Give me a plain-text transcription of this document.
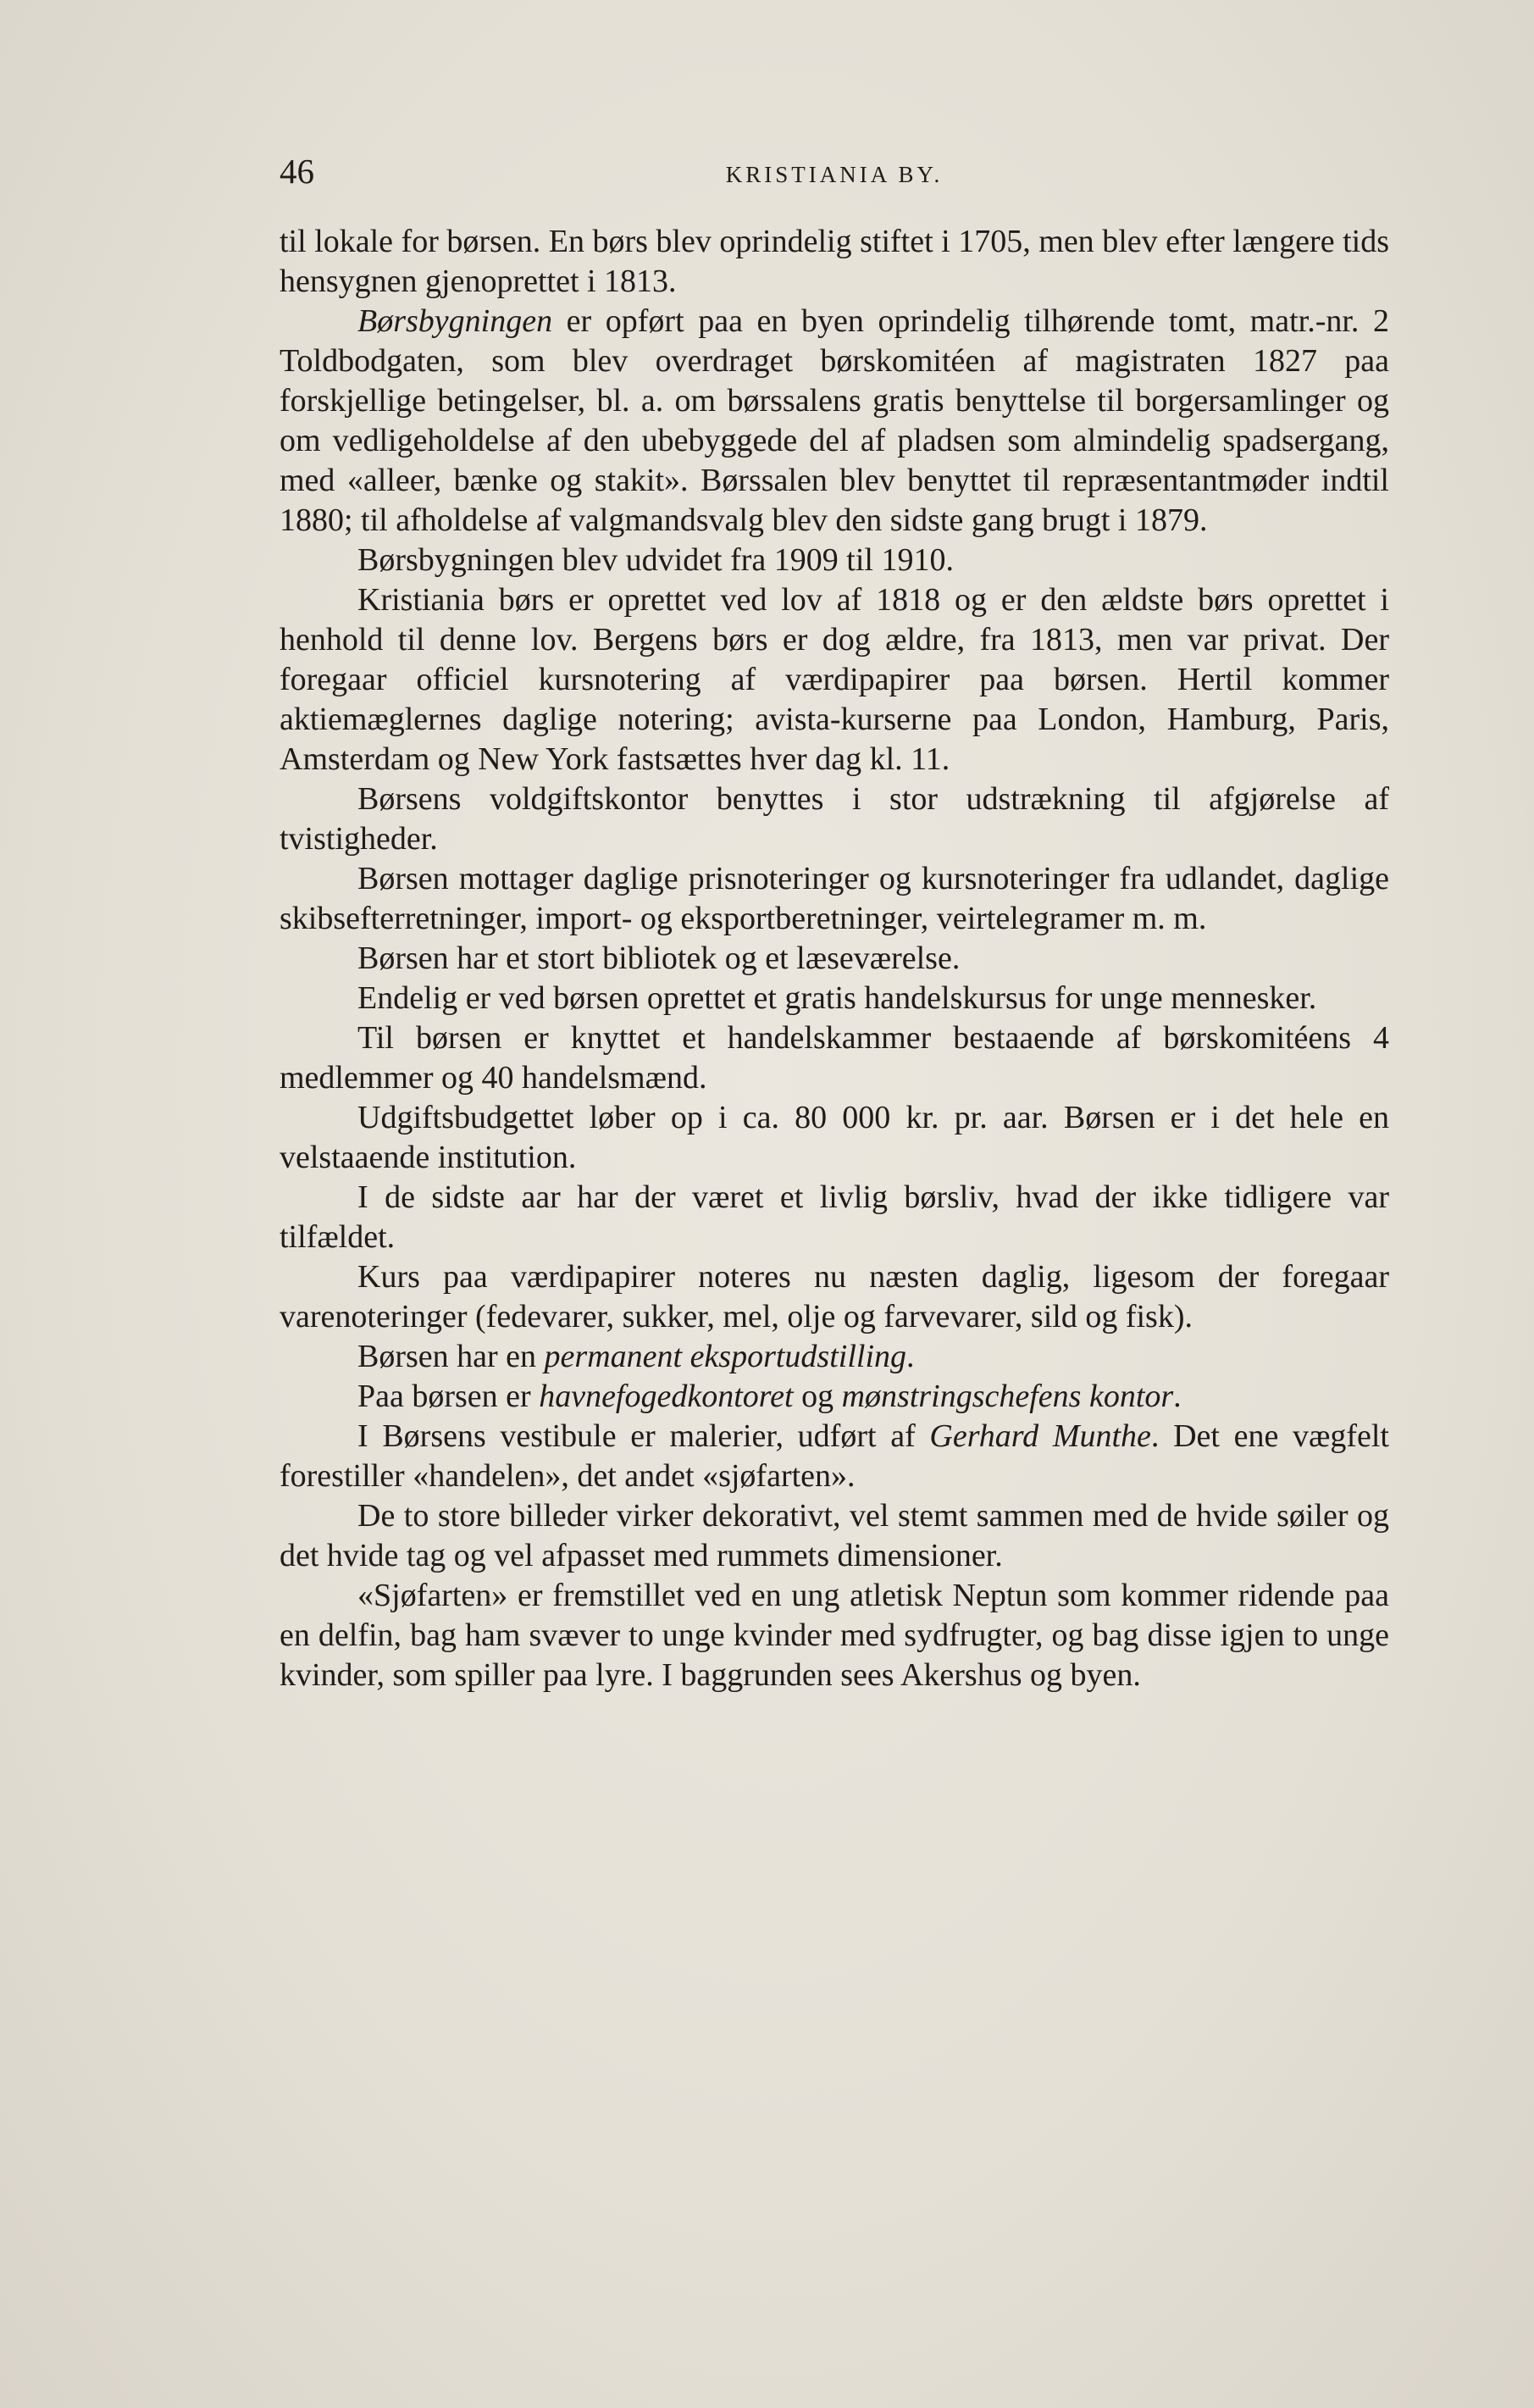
46	KRISTIANIA BY.

til lokale for børsen. En børs blev oprindelig stiftet i 1705, men blev efter længere tids hensygnen gjenoprettet i 1813.

Børsbygningen er opført paa en byen oprindelig tilhørende tomt, matr.-nr. 2 Toldbodgaten, som blev overdraget børskomitéen af magistraten 1827 paa forskjellige betingelser, bl. a. om børssalens gratis benyttelse til borgersamlinger og om vedligeholdelse af den ubebyggede del af pladsen som almindelig spadsergang, med «alleer, bænke og stakit». Børssalen blev benyttet til repræsentantmøder indtil 1880; til afholdelse af valgmandsvalg blev den sidste gang brugt i 1879.

Børsbygningen blev udvidet fra 1909 til 1910.

Kristiania børs er oprettet ved lov af 1818 og er den ældste børs oprettet i henhold til denne lov. Bergens børs er dog ældre, fra 1813, men var privat. Der foregaar officiel kursnotering af værdipapirer paa børsen. Hertil kommer aktiemæglernes daglige notering; avista-kurserne paa London, Hamburg, Paris, Amsterdam og New York fastsættes hver dag kl. 11.

Børsens voldgiftskontor benyttes i stor udstrækning til afgjørelse af tvistigheder.

Børsen mottager daglige prisnoteringer og kursnoteringer fra udlandet, daglige skibsefterretninger, import- og eksportberetninger, veirtelegramer m. m.

Børsen har et stort bibliotek og et læseværelse.

Endelig er ved børsen oprettet et gratis handelskursus for unge mennesker.

Til børsen er knyttet et handelskammer bestaaende af børskomitéens 4 medlemmer og 40 handelsmænd.

Udgiftsbudgettet løber op i ca. 80 000 kr. pr. aar. Børsen er i det hele en velstaaende institution.

I de sidste aar har der været et livlig børsliv, hvad der ikke tidligere var tilfældet.

Kurs paa værdipapirer noteres nu næsten daglig, ligesom der foregaar varenoteringer (fedevarer, sukker, mel, olje og farvevarer, sild og fisk).

Børsen har en permanent eksportudstilling.

Paa børsen er havnefogedkontoret og mønstringschefens kontor.

I Børsens vestibule er malerier, udført af Gerhard Munthe. Det ene vægfelt forestiller «handelen», det andet «sjøfarten».

De to store billeder virker dekorativt, vel stemt sammen med de hvide søiler og det hvide tag og vel afpasset med rummets dimensioner.

«Sjøfarten» er fremstillet ved en ung atletisk Neptun som kommer ridende paa en delfin, bag ham svæver to unge kvinder med sydfrugter, og bag disse igjen to unge kvinder, som spiller paa lyre. I baggrunden sees Akershus og byen.
